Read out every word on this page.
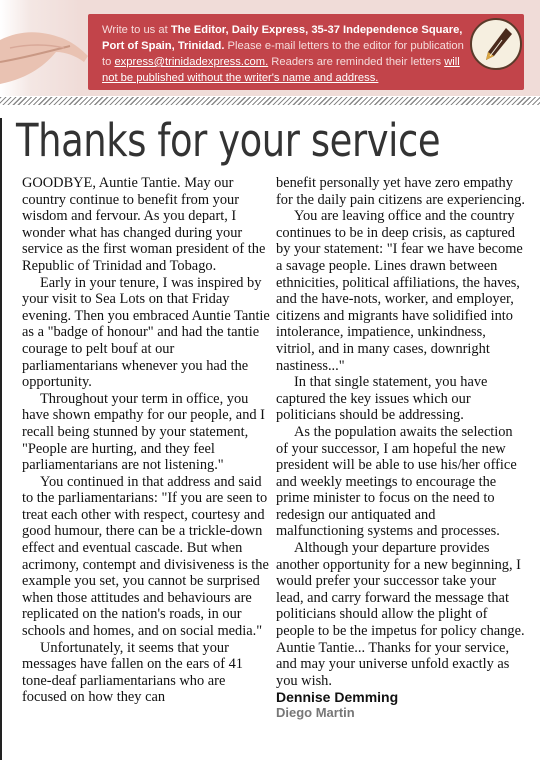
Write to us at The Editor, Daily Express, 35-37 Independence Square, Port of Spain, Trinidad. Please e-mail letters to the editor for publication to express@trinidadexpress.com. Readers are reminded their letters will not be published without the writer's name and address.

Thanks for your service

GOODBYE, Auntie Tantie. May our country continue to benefit from your wisdom and fervour. As you depart, I wonder what has changed during your service as the first woman president of the Republic of Trinidad and Tobago.

Early in your tenure, I was inspired by your visit to Sea Lots on that Friday evening. Then you embraced Auntie Tantie as a "badge of honour" and had the tantie courage to pelt bouf at our parliamentarians whenever you had the opportunity.

Throughout your term in office, you have shown empathy for our people, and I recall being stunned by your statement, "People are hurting, and they feel parliamentarians are not listening."

You continued in that address and said to the parliamentarians: "If you are seen to treat each other with respect, courtesy and good humour, there can be a trickle-down effect and eventual cascade. But when acrimony, contempt and divisiveness is the example you set, you cannot be surprised when those attitudes and behaviours are replicated on the nation's roads, in our schools and homes, and on social media."

Unfortunately, it seems that your messages have fallen on the ears of 41 tone-deaf parliamentarians who are focused on how they can

benefit personally yet have zero empathy for the daily pain citizens are experiencing.

You are leaving office and the country continues to be in deep crisis, as captured by your statement: "I fear we have become a savage people. Lines drawn between ethnicities, political affiliations, the haves, and the have-nots, worker, and employer, citizens and migrants have solidified into intolerance, impatience, unkindness, vitriol, and in many cases, downright nastiness..."

In that single statement, you have captured the key issues which our politicians should be addressing.

As the population awaits the selection of your successor, I am hopeful the new president will be able to use his/her office and weekly meetings to encourage the prime minister to focus on the need to redesign our antiquated and malfunctioning systems and processes.

Although your departure provides another opportunity for a new beginning, I would prefer your successor take your lead, and carry forward the message that politicians should allow the plight of people to be the impetus for policy change. Auntie Tantie... Thanks for your service, and may your universe unfold exactly as you wish.

Dennise Demming

Diego Martin
